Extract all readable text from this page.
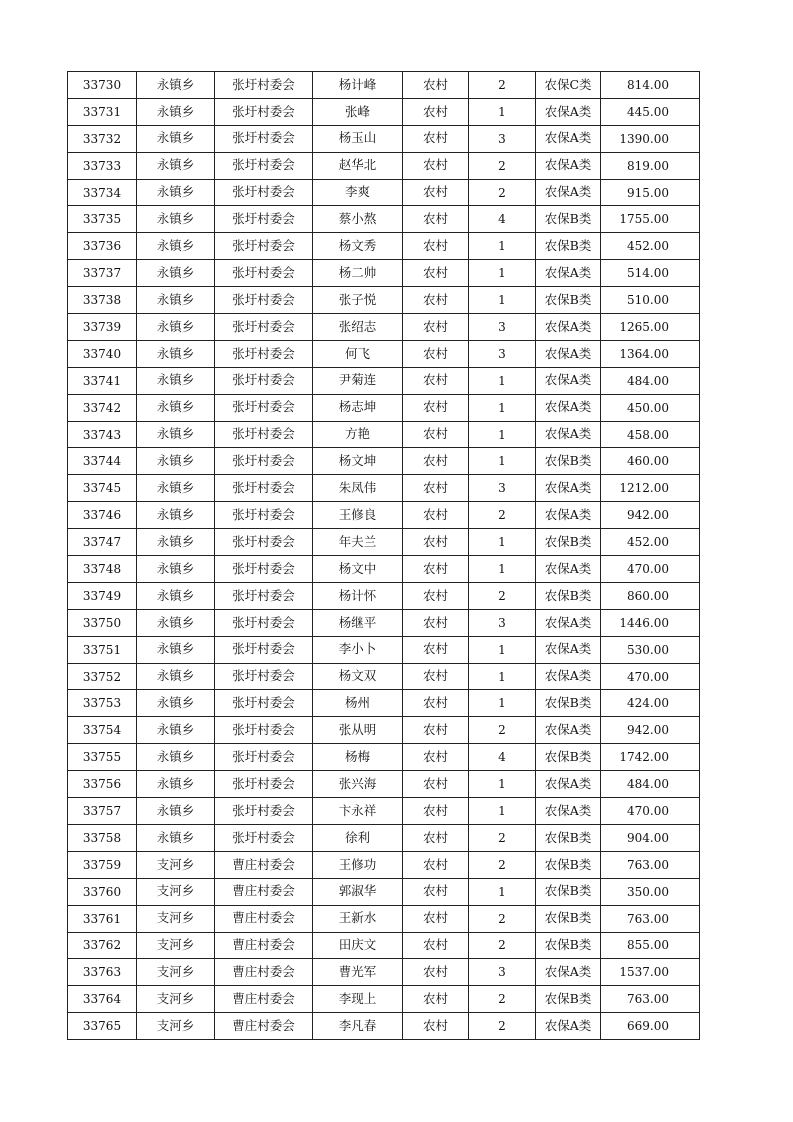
33730	永镇乡	张圩村委会	杨计峰	农村	2	农保C类	814.00
33731	永镇乡	张圩村委会	张峰	农村	1	农保A类	445.00
33732	永镇乡	张圩村委会	杨玉山	农村	3	农保A类	1390.00
33733	永镇乡	张圩村委会	赵华北	农村	2	农保A类	819.00
33734	永镇乡	张圩村委会	李爽	农村	2	农保A类	915.00
33735	永镇乡	张圩村委会	蔡小熬	农村	4	农保B类	1755.00
33736	永镇乡	张圩村委会	杨文秀	农村	1	农保B类	452.00
33737	永镇乡	张圩村委会	杨二帅	农村	1	农保A类	514.00
33738	永镇乡	张圩村委会	张子悦	农村	1	农保B类	510.00
33739	永镇乡	张圩村委会	张绍志	农村	3	农保A类	1265.00
33740	永镇乡	张圩村委会	何飞	农村	3	农保A类	1364.00
33741	永镇乡	张圩村委会	尹菊连	农村	1	农保A类	484.00
33742	永镇乡	张圩村委会	杨志坤	农村	1	农保A类	450.00
33743	永镇乡	张圩村委会	方艳	农村	1	农保A类	458.00
33744	永镇乡	张圩村委会	杨文坤	农村	1	农保B类	460.00
33745	永镇乡	张圩村委会	朱凤伟	农村	3	农保A类	1212.00
33746	永镇乡	张圩村委会	王修良	农村	2	农保A类	942.00
33747	永镇乡	张圩村委会	年夫兰	农村	1	农保B类	452.00
33748	永镇乡	张圩村委会	杨文中	农村	1	农保A类	470.00
33749	永镇乡	张圩村委会	杨计怀	农村	2	农保B类	860.00
33750	永镇乡	张圩村委会	杨继平	农村	3	农保A类	1446.00
33751	永镇乡	张圩村委会	李小卜	农村	1	农保A类	530.00
33752	永镇乡	张圩村委会	杨文双	农村	1	农保A类	470.00
33753	永镇乡	张圩村委会	杨州	农村	1	农保B类	424.00
33754	永镇乡	张圩村委会	张从明	农村	2	农保A类	942.00
33755	永镇乡	张圩村委会	杨梅	农村	4	农保B类	1742.00
33756	永镇乡	张圩村委会	张兴海	农村	1	农保A类	484.00
33757	永镇乡	张圩村委会	卞永祥	农村	1	农保A类	470.00
33758	永镇乡	张圩村委会	徐利	农村	2	农保B类	904.00
33759	支河乡	曹庄村委会	王修功	农村	2	农保B类	763.00
33760	支河乡	曹庄村委会	郭淑华	农村	1	农保B类	350.00
33761	支河乡	曹庄村委会	王新水	农村	2	农保B类	763.00
33762	支河乡	曹庄村委会	田庆文	农村	2	农保B类	855.00
33763	支河乡	曹庄村委会	曹光军	农村	3	农保A类	1537.00
33764	支河乡	曹庄村委会	李现上	农村	2	农保B类	763.00
33765	支河乡	曹庄村委会	李凡春	农村	2	农保A类	669.00
